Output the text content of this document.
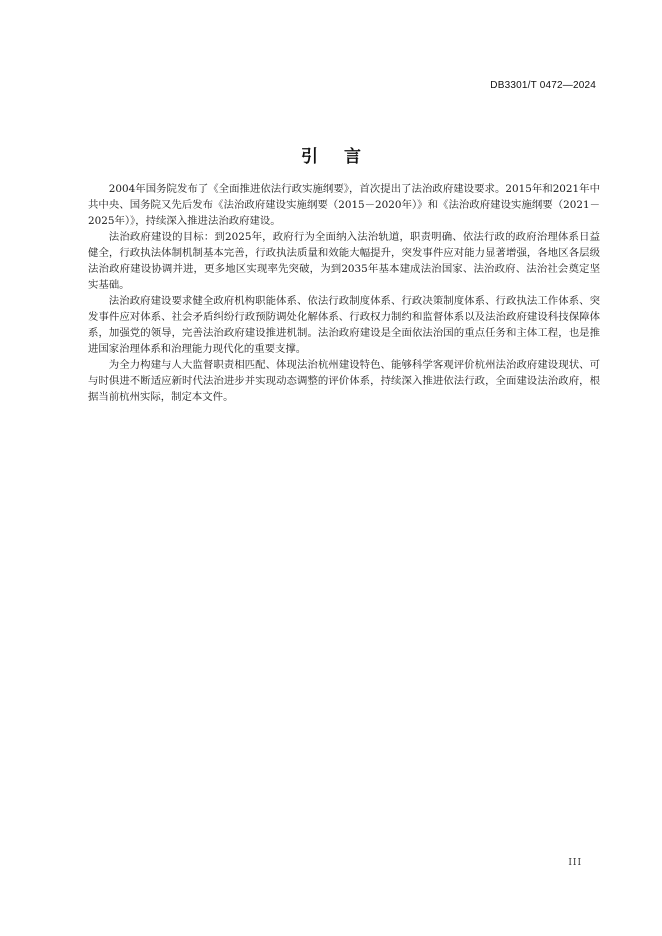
DB3301/T 0472—2024
引言

2004年国务院发布了《全面推进依法行政实施纲要》，首次提出了法治政府建设要求。2015年和2021年中共中央、国务院又先后发布《法治政府建设实施纲要（2015－2020年）》和《法治政府建设实施纲要（2021－2025年）》，持续深入推进法治政府建设。

法治政府建设的目标：到2025年，政府行为全面纳入法治轨道，职责明确、依法行政的政府治理体系日益健全，行政执法体制机制基本完善，行政执法质量和效能大幅提升，突发事件应对能力显著增强，各地区各层级法治政府建设协调并进，更多地区实现率先突破，为到2035年基本建成法治国家、法治政府、法治社会奠定坚实基础。

法治政府建设要求健全政府机构职能体系、依法行政制度体系、行政决策制度体系、行政执法工作体系、突发事件应对体系、社会矛盾纠纷行政预防调处化解体系、行政权力制约和监督体系以及法治政府建设科技保障体系，加强党的领导，完善法治政府建设推进机制。法治政府建设是全面依法治国的重点任务和主体工程，也是推进国家治理体系和治理能力现代化的重要支撑。

为全力构建与人大监督职责相匹配、体现法治杭州建设特色、能够科学客观评价杭州法治政府建设现状、可与时俱进不断适应新时代法治进步并实现动态调整的评价体系，持续深入推进依法行政，全面建设法治政府，根据当前杭州实际，制定本文件。

III
